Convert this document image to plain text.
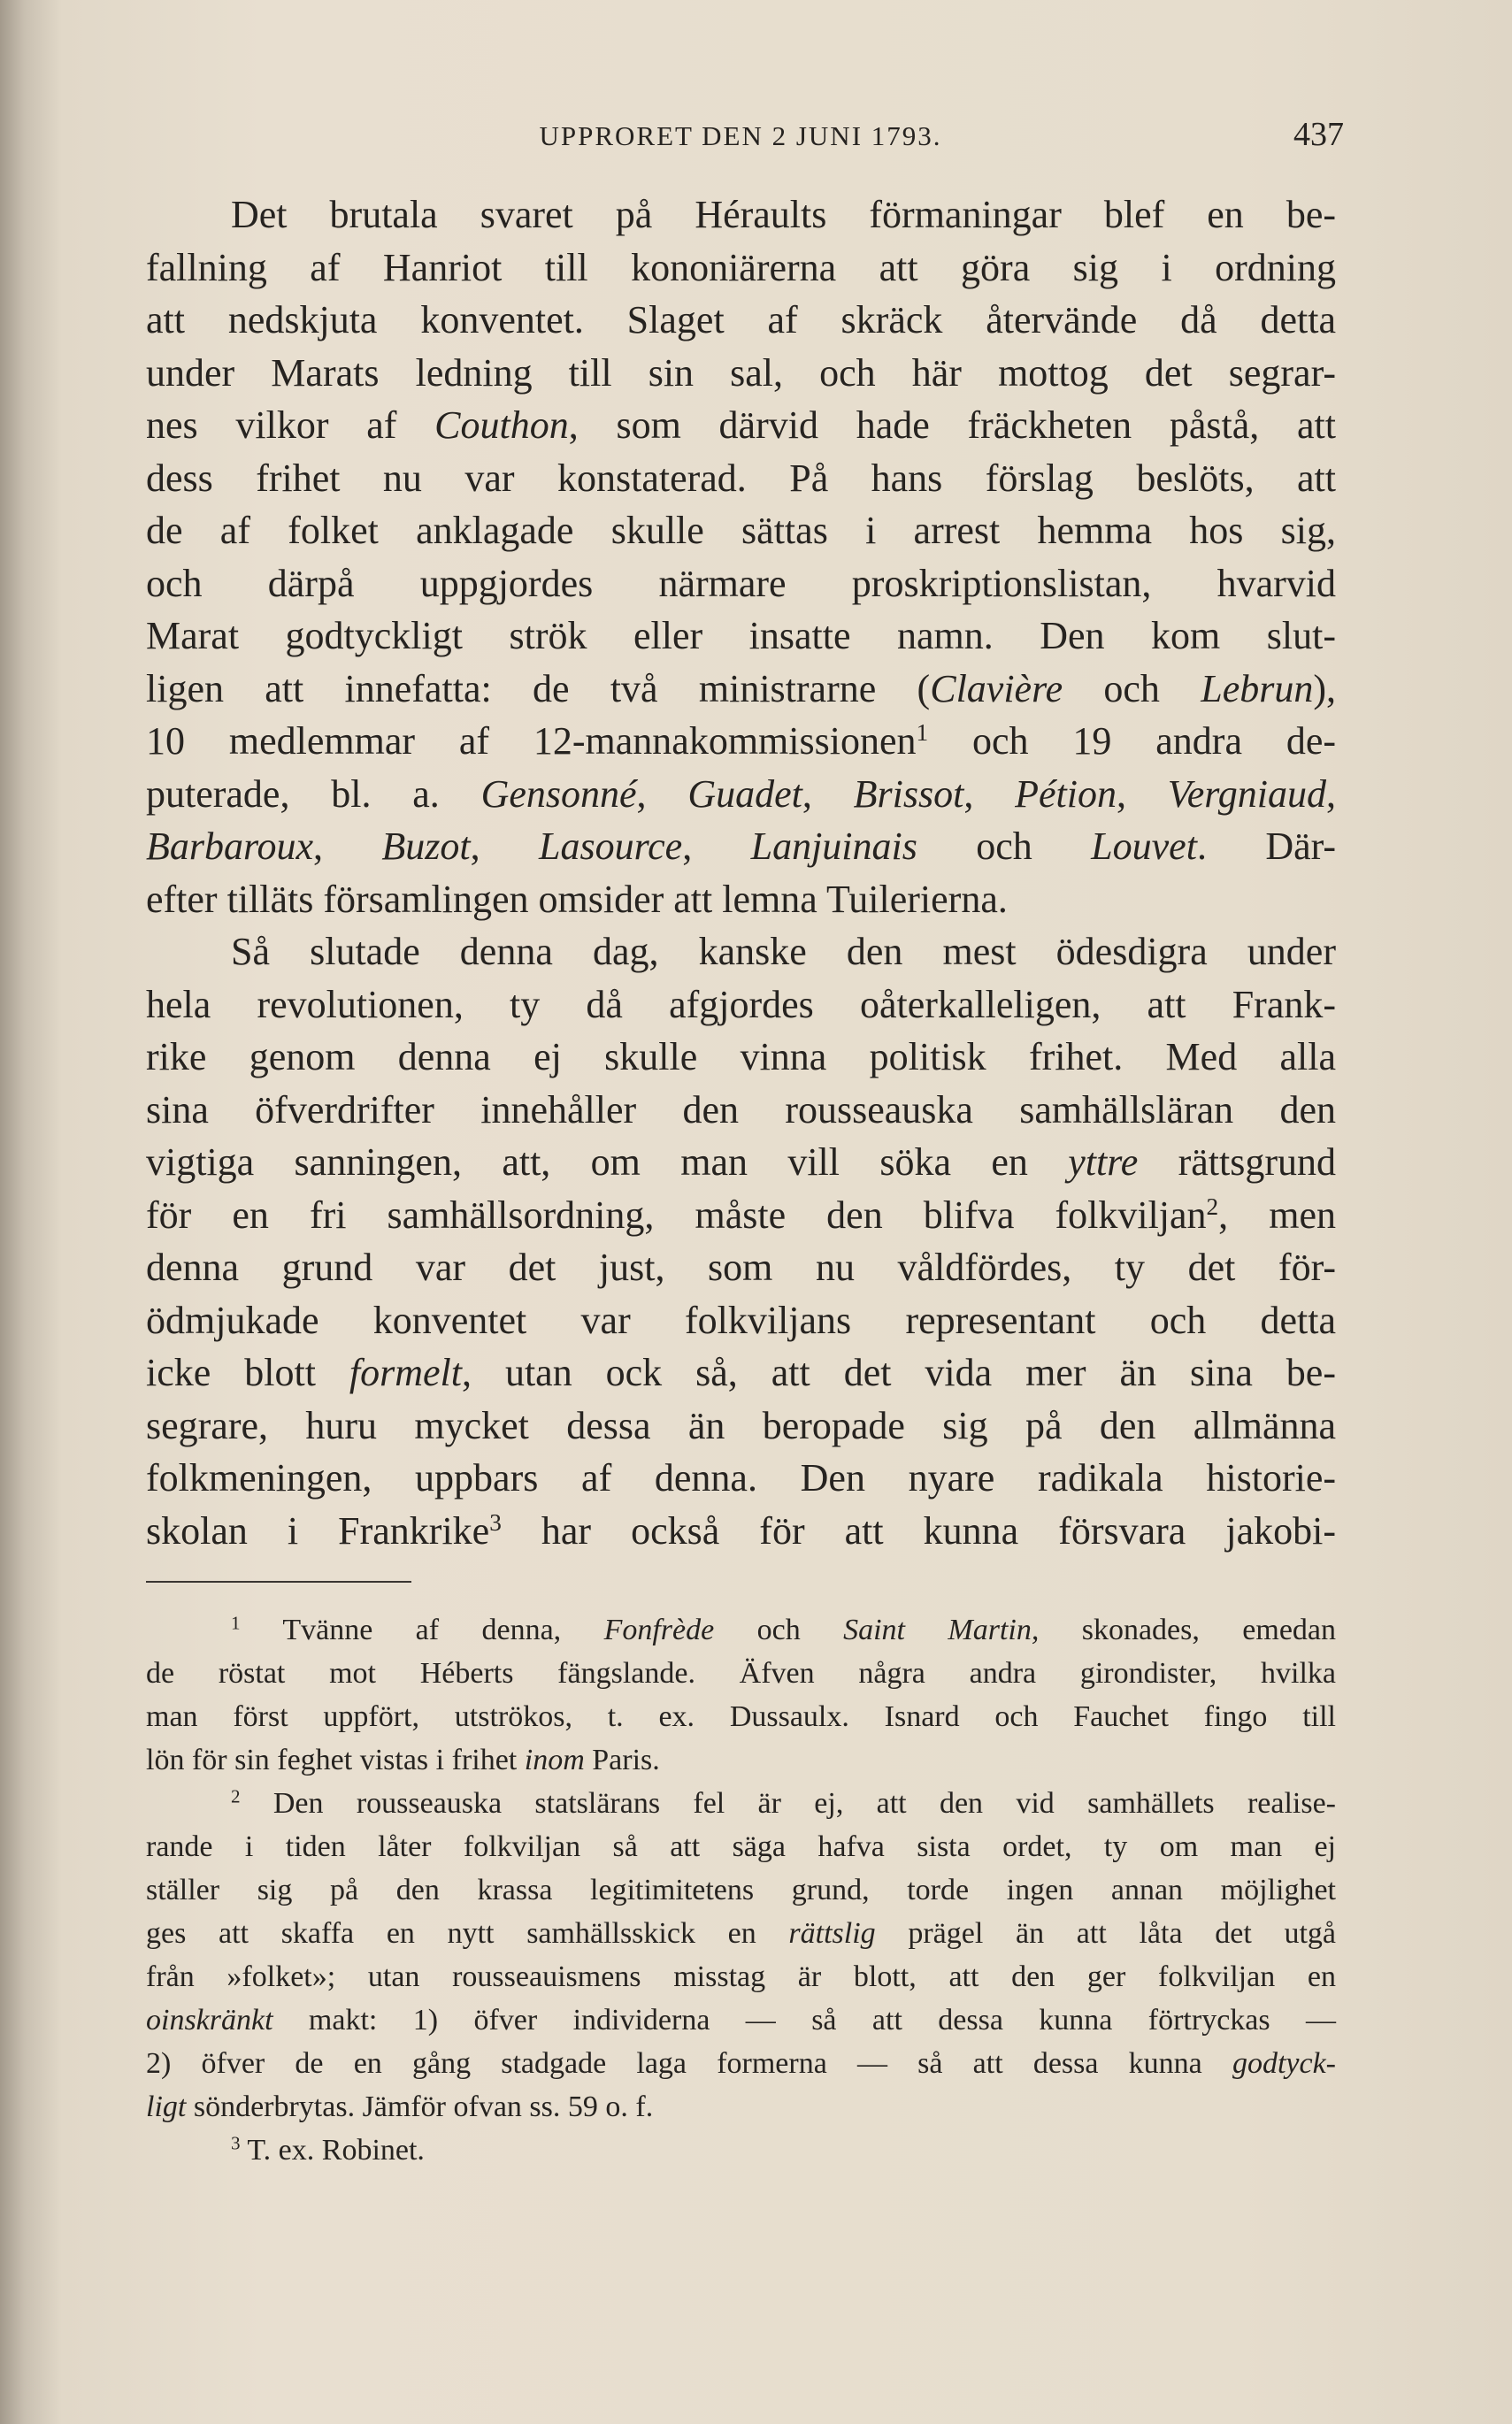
UPPRORET DEN 2 JUNI 1793.	437

Det brutala svaret på Héraults förmaningar blef en be-

fallning af Hanriot till kononiärerna att göra sig i ordning

att nedskjuta konventet. Slaget af skräck återvände då detta

under Marats ledning till sin sal, och här mottog det segrar-

nes vilkor af Couthon, som därvid hade fräckheten påstå, att

dess frihet nu var konstaterad. På hans förslag beslöts, att

de af folket anklagade skulle sättas i arrest hemma hos sig,

och därpå uppgjordes närmare proskriptionslistan, hvarvid

Marat godtyckligt strök eller insatte namn. Den kom slut-

ligen att innefatta: de två ministrarne (Clavière och Lebrun),

10 medlemmar af 12-mannakommissionen$^1$ och 19 andra de-

puterade, bl. a. Gensonné, Guadet, Brissot, Pétion, Vergniaud,

Barbaroux, Buzot, Lasource, Lanjuinais och Louvet. Där-

efter tilläts församlingen omsider att lemna Tuilerierna.

Så slutade denna dag, kanske den mest ödesdigra under

hela revolutionen, ty då afgjordes oåterkalleligen, att Frank-

rike genom denna ej skulle vinna politisk frihet. Med alla

sina öfverdrifter innehåller den rousseauska samhällsläran den

vigtiga sanningen, att, om man vill söka en yttre rättsgrund

för en fri samhällsordning, måste den blifva folkviljan$^2$, men

denna grund var det just, som nu våldfördes, ty det för-

ödmjukade konventet var folkviljans representant och detta

icke blott formelt, utan ock så, att det vida mer än sina be-

segrare, huru mycket dessa än beropade sig på den allmänna

folkmeningen, uppbars af denna. Den nyare radikala historie-

skolan i Frankrike$^3$ har också för att kunna försvara jakobi-

$^1$ Tvänne af denna, Fonfrède och Saint Martin, skonades, emedan

de röstat mot Héberts fängslande. Äfven några andra girondister, hvilka

man först uppfört, utströkos, t. ex. Dussaulx. Isnard och Fauchet fingo till

lön för sin feghet vistas i frihet inom Paris.

$^2$ Den rousseauska statslärans fel är ej, att den vid samhällets realise-

rande i tiden låter folkviljan så att säga hafva sista ordet, ty om man ej

ställer sig på den krassa legitimitetens grund, torde ingen annan möjlighet

ges att skaffa en nytt samhällsskick en rättslig prägel än att låta det utgå

från »folket»; utan rousseauismens misstag är blott, att den ger folkviljan en

oinskränkt makt: 1) öfver individerna — så att dessa kunna förtryckas —

2) öfver de en gång stadgade laga formerna — så att dessa kunna godtyck-

ligt sönderbrytas. Jämför ofvan ss. 59 o. f.

$^3$ T. ex. Robinet.
